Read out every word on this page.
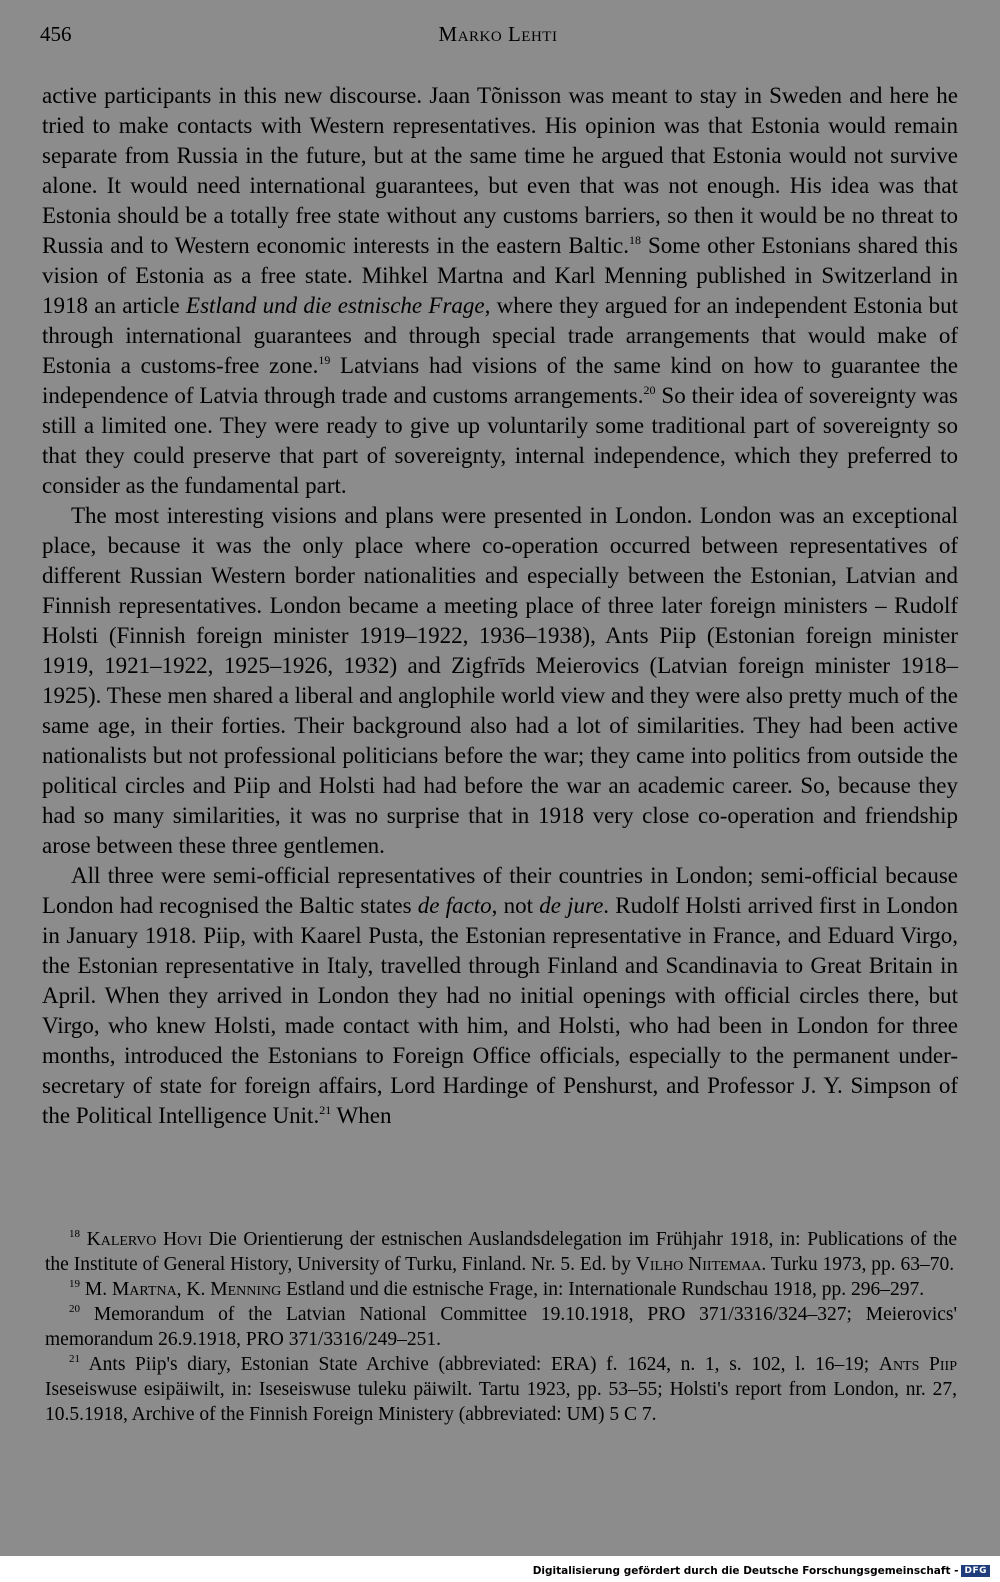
456	Marko Lehti

active participants in this new discourse. Jaan Tõnisson was meant to stay in Sweden and here he tried to make contacts with Western representatives. His opinion was that Estonia would remain separate from Russia in the future, but at the same time he argued that Estonia would not survive alone. It would need international guarantees, but even that was not enough. His idea was that Estonia should be a totally free state without any customs barriers, so then it would be no threat to Russia and to Western economic interests in the eastern Baltic.$^{18}$ Some other Estonians shared this vision of Estonia as a free state. Mihkel Martna and Karl Menning published in Switzerland in 1918 an article Estland und die estnische Frage, where they argued for an independent Estonia but through international guarantees and through special trade arrangements that would make of Estonia a customs-free zone.$^{19}$ Latvians had visions of the same kind on how to guarantee the independence of Latvia through trade and customs arrangements.$^{20}$ So their idea of sovereignty was still a limited one. They were ready to give up voluntarily some traditional part of sovereignty so that they could preserve that part of sovereignty, internal independence, which they preferred to consider as the fundamental part.

The most interesting visions and plans were presented in London. London was an exceptional place, because it was the only place where co-operation occurred between representatives of different Russian Western border nationalities and especially between the Estonian, Latvian and Finnish representatives. London became a meeting place of three later foreign ministers – Rudolf Holsti (Finnish foreign minister 1919–1922, 1936–1938), Ants Piip (Estonian foreign minister 1919, 1921–1922, 1925–1926, 1932) and Zigfrīds Meierovics (Latvian foreign minister 1918–1925). These men shared a liberal and anglophile world view and they were also pretty much of the same age, in their forties. Their background also had a lot of similarities. They had been active nationalists but not professional politicians before the war; they came into politics from outside the political circles and Piip and Holsti had had before the war an academic career. So, because they had so many similarities, it was no surprise that in 1918 very close co-operation and friendship arose between these three gentlemen.

All three were semi-official representatives of their countries in London; semi-official because London had recognised the Baltic states de facto, not de jure. Rudolf Holsti arrived first in London in January 1918. Piip, with Kaarel Pusta, the Estonian representative in France, and Eduard Virgo, the Estonian representative in Italy, travelled through Finland and Scandinavia to Great Britain in April. When they arrived in London they had no initial openings with official circles there, but Virgo, who knew Holsti, made contact with him, and Holsti, who had been in London for three months, introduced the Estonians to Foreign Office officials, especially to the permanent under-secretary of state for foreign affairs, Lord Hardinge of Penshurst, and Professor J. Y. Simpson of the Political Intelligence Unit.$^{21}$ When

$^{18}$ Kalervo Hovi Die Orientierung der estnischen Auslandsdelegation im Frühjahr 1918, in: Publications of the the Institute of General History, University of Turku, Finland. Nr. 5. Ed. by Vilho Niitemaa. Turku 1973, pp. 63–70.

$^{19}$ M. Martna, K. Menning Estland und die estnische Frage, in: Internationale Rundschau 1918, pp. 296–297.

$^{20}$ Memorandum of the Latvian National Committee 19.10.1918, PRO 371/3316/324–327; Meierovics' memorandum 26.9.1918, PRO 371/3316/249–251.

$^{21}$ Ants Piip's diary, Estonian State Archive (abbreviated: ERA) f. 1624, n. 1, s. 102, l. 16–19; Ants Piip Iseseiswuse esipäiwilt, in: Iseseiswuse tuleku päiwilt. Tartu 1923, pp. 53–55; Holsti's report from London, nr. 27, 10.5.1918, Archive of the Finnish Foreign Ministery (abbreviated: UM) 5 C 7.

Digitalisierung gefördert durch die Deutsche Forschungsgemeinschaft - DFG
